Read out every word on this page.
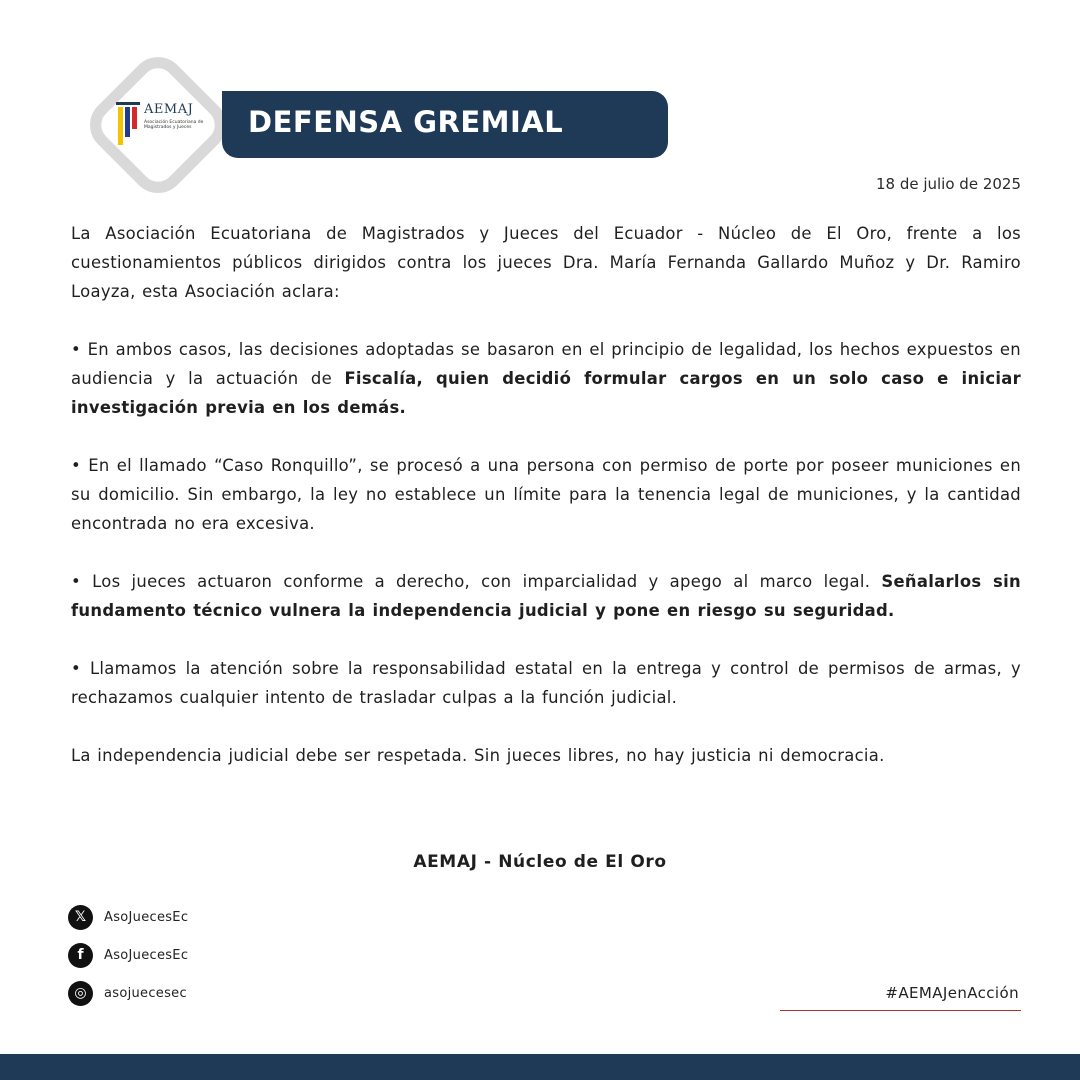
AEMAJ
Asociación Ecuatoriana de Magistrados y Jueces	DEFENSA GREMIAL
18 de julio de 2025

La Asociación Ecuatoriana de Magistrados y Jueces del Ecuador - Núcleo de El Oro, frente a los cuestionamientos públicos dirigidos contra los jueces Dra. María Fernanda Gallardo Muñoz y Dr. Ramiro Loayza, esta Asociación aclara:

• En ambos casos, las decisiones adoptadas se basaron en el principio de legalidad, los hechos expuestos en audiencia y la actuación de Fiscalía, quien decidió formular cargos en un solo caso e iniciar investigación previa en los demás.

• En el llamado “Caso Ronquillo”, se procesó a una persona con permiso de porte por poseer municiones en su domicilio. Sin embargo, la ley no establece un límite para la tenencia legal de municiones, y la cantidad encontrada no era excesiva.

• Los jueces actuaron conforme a derecho, con imparcialidad y apego al marco legal. Señalarlos sin fundamento técnico vulnera la independencia judicial y pone en riesgo su seguridad.

• Llamamos la atención sobre la responsabilidad estatal en la entrega y control de permisos de armas, y rechazamos cualquier intento de trasladar culpas a la función judicial.

La independencia judicial debe ser respetada. Sin jueces libres, no hay justicia ni democracia.

AEMAJ - Núcleo de El Oro
𝕏	AsoJuecesEc
f	AsoJuecesEc
◎	asojuecesec	#AEMAJenAcción
